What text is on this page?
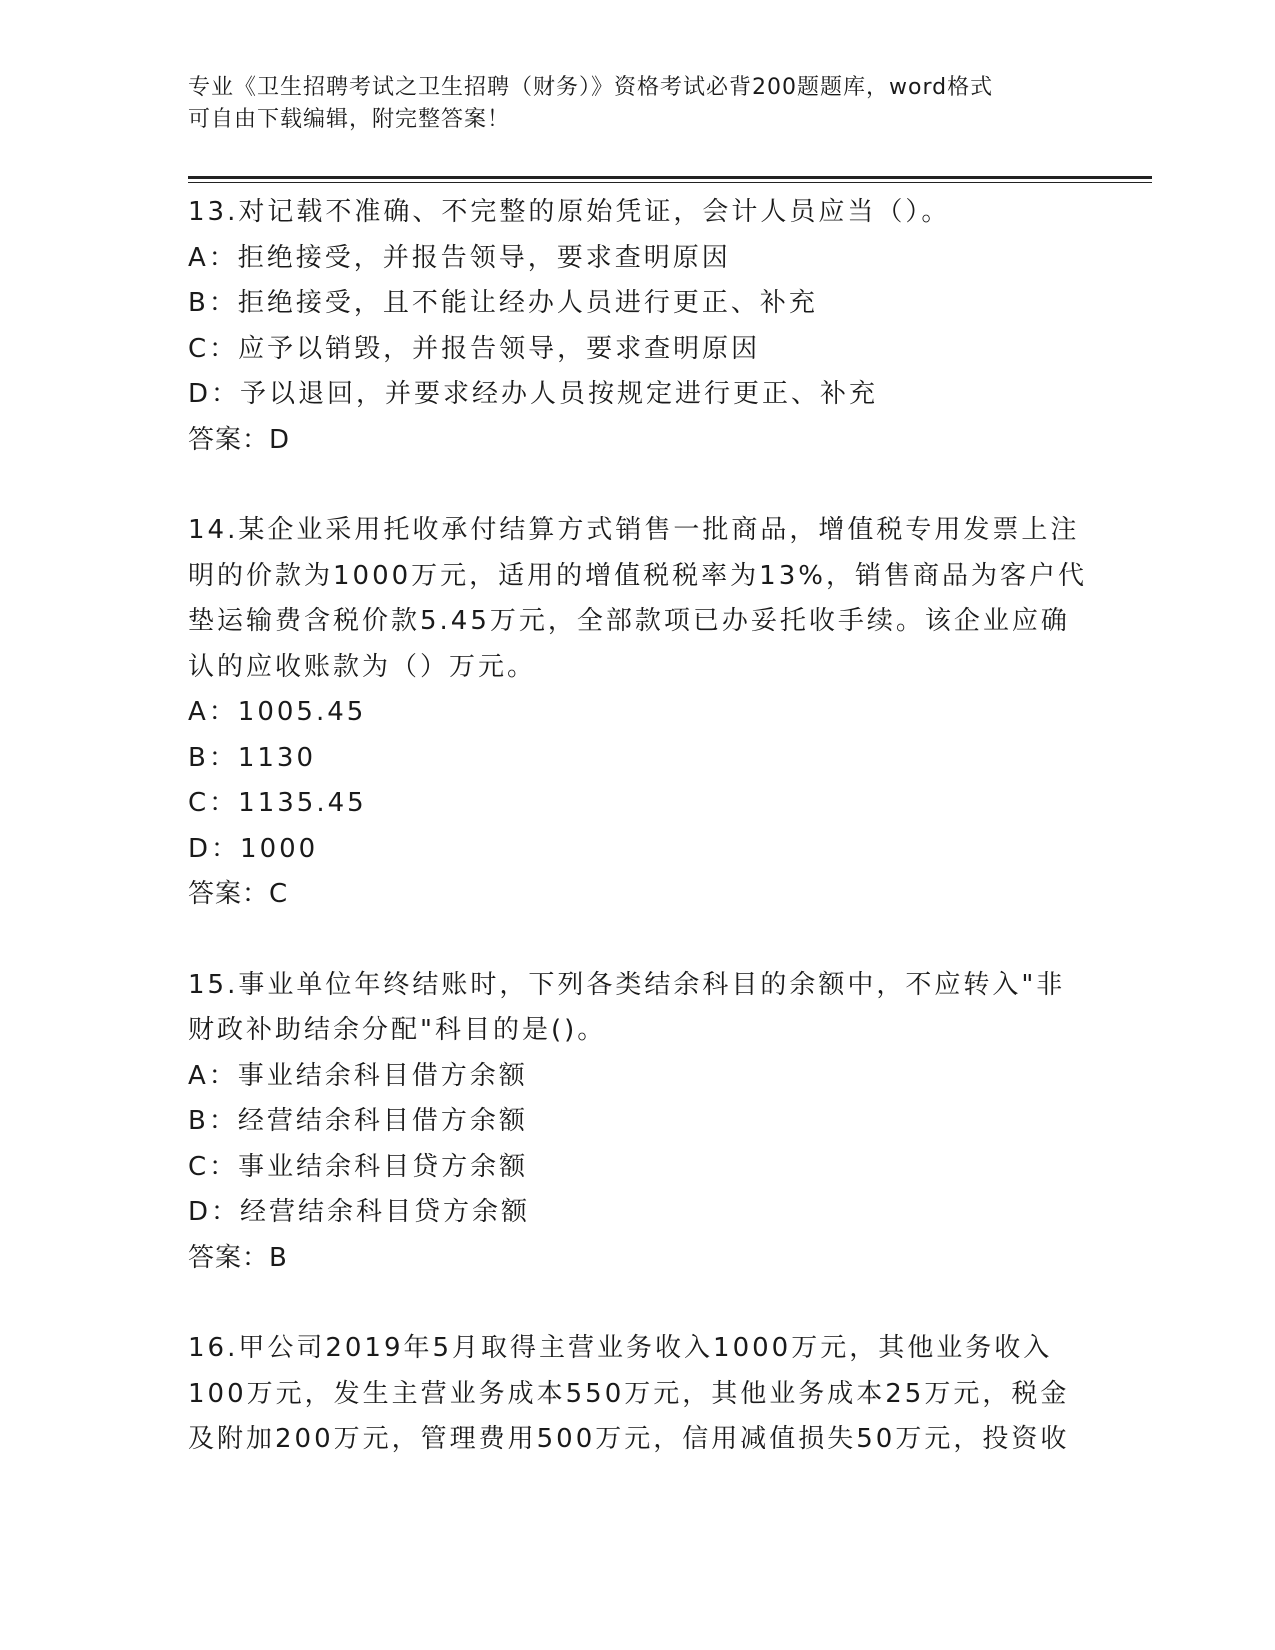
专业《卫生招聘考试之卫生招聘（财务）》资格考试必背200题题库，word格式
可自由下载编辑，附完整答案！

13.对记载不准确、不完整的原始凭证，会计人员应当（）。

A：拒绝接受，并报告领导，要求查明原因

B：拒绝接受，且不能让经办人员进行更正、补充

C：应予以销毁，并报告领导，要求查明原因

D：予以退回，并要求经办人员按规定进行更正、补充

答案：D

14.某企业采用托收承付结算方式销售一批商品，增值税专用发票上注明的价款为1000万元，适用的增值税税率为13%，销售商品为客户代垫运输费含税价款5.45万元，全部款项已办妥托收手续。该企业应确认的应收账款为（）万元。

A：1005.45

B：1130

C：1135.45

D：1000

答案：C

15.事业单位年终结账时，下列各类结余科目的余额中，不应转入"非财政补助结余分配"科目的是()。

A：事业结余科目借方余额

B：经营结余科目借方余额

C：事业结余科目贷方余额

D：经营结余科目贷方余额

答案：B

16.甲公司2019年5月取得主营业务收入1000万元，其他业务收入100万元，发生主营业务成本550万元，其他业务成本25万元，税金及附加200万元，管理费用500万元，信用减值损失50万元，投资收
